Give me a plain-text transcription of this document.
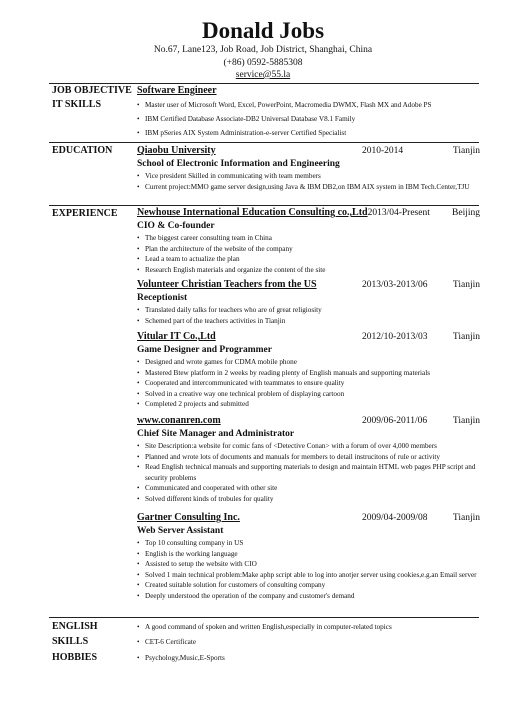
Donald Jobs
No.67, Lane123, Job Road, Job District, Shanghai, China
(+86) 0592-5885308
service@55.la
JOB OBJECTIVE Software Engineer
IT SKILLS	• Master user of Microsoft Word, Excel, PowerPoint, Macromedia DWMX, Flash MX and Adobe PS
• IBM Certified Database Associate-DB2 Universal Database V8.1 Family
• IBM pSeries AIX System Administration-e-server Certified Specialist
EDUCATION Qiaobu University	2010-2014	Tianjin
School of Electronic Information and Engineering
• Vice president Skilled in communicating with team members
• Current project:MMO game server design,using Java & IBM DB2,on IBM AIX system in IBM Tech.Center,TJU
EXPERIENCE Newhouse International Education Consulting co.,Ltd 2013/04-Present	Beijing
CIO & Co-founder
• The biggest career consulting team in China
• Plan the architecture of the website of the company
• Lead a team to actualize the plan
• Research English materials and organize the content of the site
Volunteer Christian Teachers from the US	2013/03-2013/06	Tianjin
Receptionist
• Translated daily talks for teachers who are of great religiosity
• Schemed part of the teachers activities in Tianjin
Vitular IT Co.,Ltd	2012/10-2013/03	Tianjin
Game Designer and Programmer
• Designed and wrote games for CDMA mobile phone
• Mastered Btew platform in 2 weeks by reading plenty of English manuals and supporting materials
• Cooperated and intercommunicated with teammates to ensure quality
• Solved in a creative way one technical problem of displaying cartoon
• Completed 2 projects and submitted
www.conanren.com	2009/06-2011/06	Tianjin
Chief Site Manager and Administrator
• Site Description:a website for comic fans of <Detective Conan> with a forum of over 4,000 members
• Planned and wrote lots of documents and manuals for members to detail instrucitons of rule or activity
• Read English technical manuals and supporting materials to design and maintain HTML web pages PHP script and security problems
• Communicated and cooperated with other site
• Solved different kinds of trobules for quality
Gartner Consulting Inc.	2009/04-2009/08	Tianjin
Web Server Assistant
• Top 10 consulting company in US
• English is the working language
• Assisted to setup the website with CIO
• Solved 1 main technical problem:Make aphp script able to log into anotjer server using cookies,e.g.an Email server
• Created suitable solution for customers of consulting company
• Deeply understood the operation of the company and customer's demand
ENGLISH	• A good command of spoken and written English,especially in computer-related topics
SKILLS	• CET-6 Certificate
HOBBIES	• Psychology,Music,E-Sports
